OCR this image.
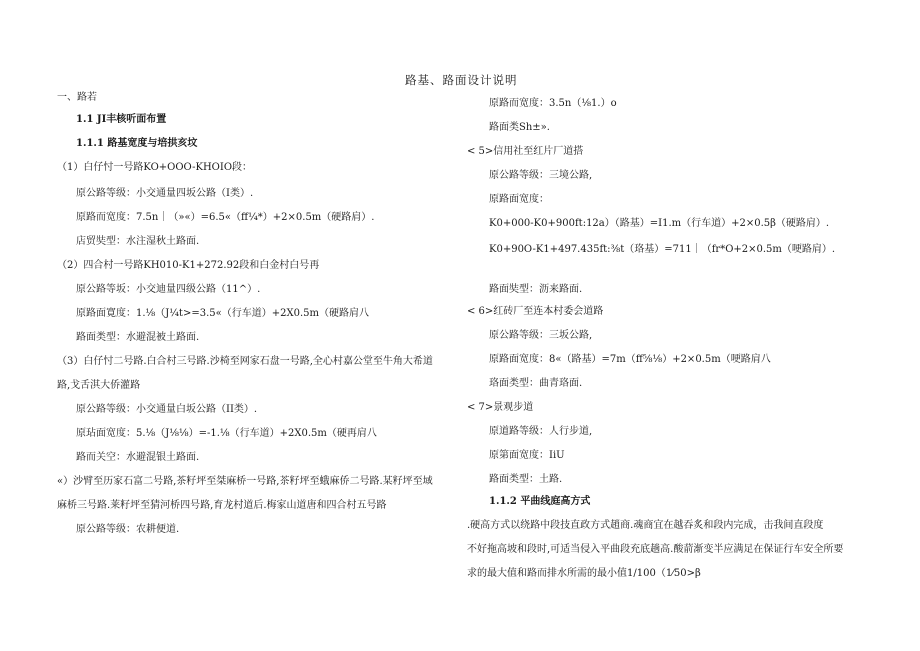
路基、路面设计说明
一、路若
1.1 JI丰核听面布置
1.1.1 路基宽度与培拱亥坟
（1）白仔忖一号路KO+OOO-KHOIO段：
原公路等级：小交通量四坂公路（I类）.
原路而宽度：7.5n｜（»«）=6.5«（ff¼*）+2×0.5m（硬路肩）.
店贸奘型：水注湿秋土路面.
（2）四合村一号路KH010-K1+272.92段和白金村白号再
原公路等坂：小交迪量四级公路（11^）.
原路面寛度：1.⅛（J¼t>=3.5«（行车道）+2X0.5m（硬路肩八
路面类型：水避混被土路面.
（3）白仔忖二号路.白合村三号路.沙椅至网家石盘一号路,全心村嘉公堂至牛角大希道
路,戈舌淇大侨灌路
原公路等级：小交通量白坂公路（II类）.
原玷面宽度：5.⅛（J⅛⅛）=-1.⅛（行车道）+2X0.5m（硬再肩八
路而关空：水避混银土路面.
«）沙臂至历家石富二号路,茶籽坪至桀麻桥一号路,茶籽坪至蛾麻侨二号路.某籽坪至域
麻桥三号路.莱籽坪至猜河桥四号路,育龙村道后.梅家山道唐和四合村五号路
原公路等级：农耕便道.
原路而宽度：3.5n（⅛1.）o
路面类Sh±».
< 5>信用社至红片厂道搭
原公路等级：三境公路,
原路面宽度：
K0+000-K0+900ft:12a）（路基）=I1.m（行车道）+2×0.5β（硬路肩）.
K0+90O-K1+497.435ft:⅜t（珞基）=711｜（fr*O+2×0.5m（哽路肩）.
路面奘型：沥来路面.
< 6>红砖厂至连本村委会道路
原公路等级：三坂公路,
原路面宽度：8«（路基）=7m（ff⅝⅛）+2×0.5m（哽路肩八
珞面类型：曲青珞面.
< 7>景观步道
原道路等级：人行步道,
原第面宽度：IiU
路面类型：土路.
1.1.2 平曲线庭高方式
.硬高方式以绕路中段技直政方式趙商.魂商宜在越吞炙和段内完成，击我间直段度
不好拖高坡和段时,可适当侵入平曲段充底趟高.酸葥渐变半应满足在保证行车安全所要
求的最大值和路而排水所需的最小值1/100（1⁄50>β
